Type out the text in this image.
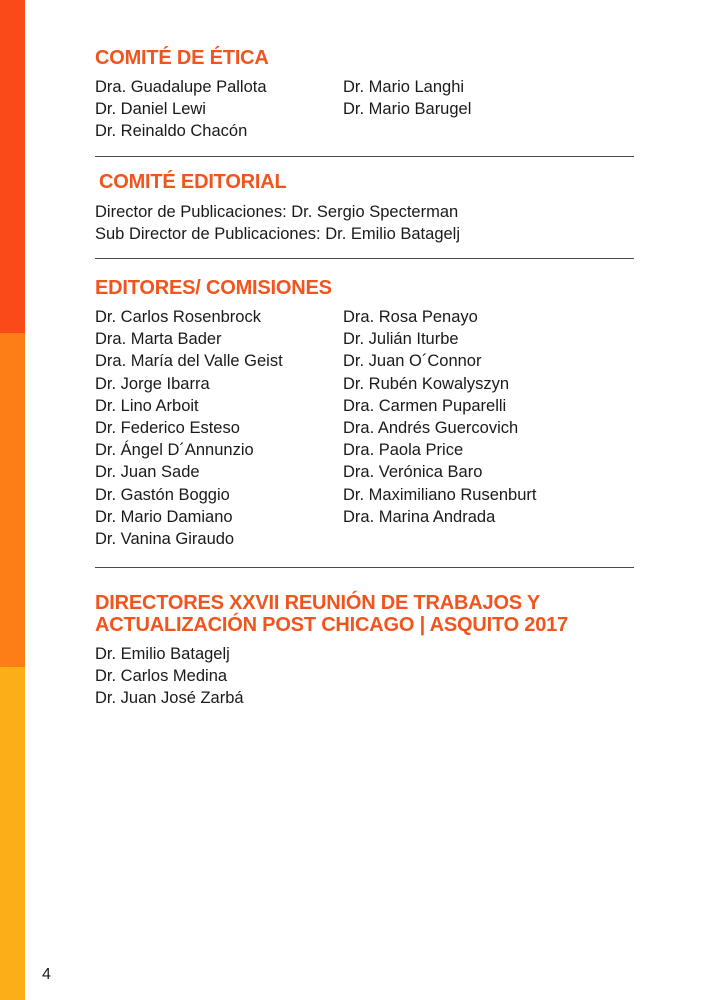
COMITÉ DE ÉTICA
Dra. Guadalupe Pallota
Dr. Daniel Lewi
Dr. Reinaldo Chacón
Dr. Mario Langhi
Dr. Mario Barugel
COMITÉ EDITORIAL
Director de Publicaciones: Dr. Sergio Specterman
Sub Director de Publicaciones: Dr. Emilio Batagelj
EDITORES/ COMISIONES
Dr. Carlos Rosenbrock
Dra. Marta Bader
Dra. María del Valle Geist
Dr. Jorge Ibarra
Dr. Lino Arboit
Dr. Federico Esteso
Dr. Ángel D´Annunzio
Dr. Juan Sade
Dr. Gastón Boggio
Dr. Mario Damiano
Dr. Vanina Giraudo
Dra. Rosa Penayo
Dr. Julián Iturbe
Dr. Juan O´Connor
Dr. Rubén Kowalyszyn
Dra. Carmen Puparelli
Dra. Andrés Guercovich
Dra. Paola Price
Dra. Verónica Baro
Dr. Maximiliano Rusenburt
Dra. Marina Andrada
DIRECTORES XXVII REUNIÓN DE TRABAJOS Y
ACTUALIZACIÓN POST CHICAGO | ASQUITO 2017
Dr. Emilio Batagelj
Dr. Carlos Medina
Dr. Juan José Zarbá
4
